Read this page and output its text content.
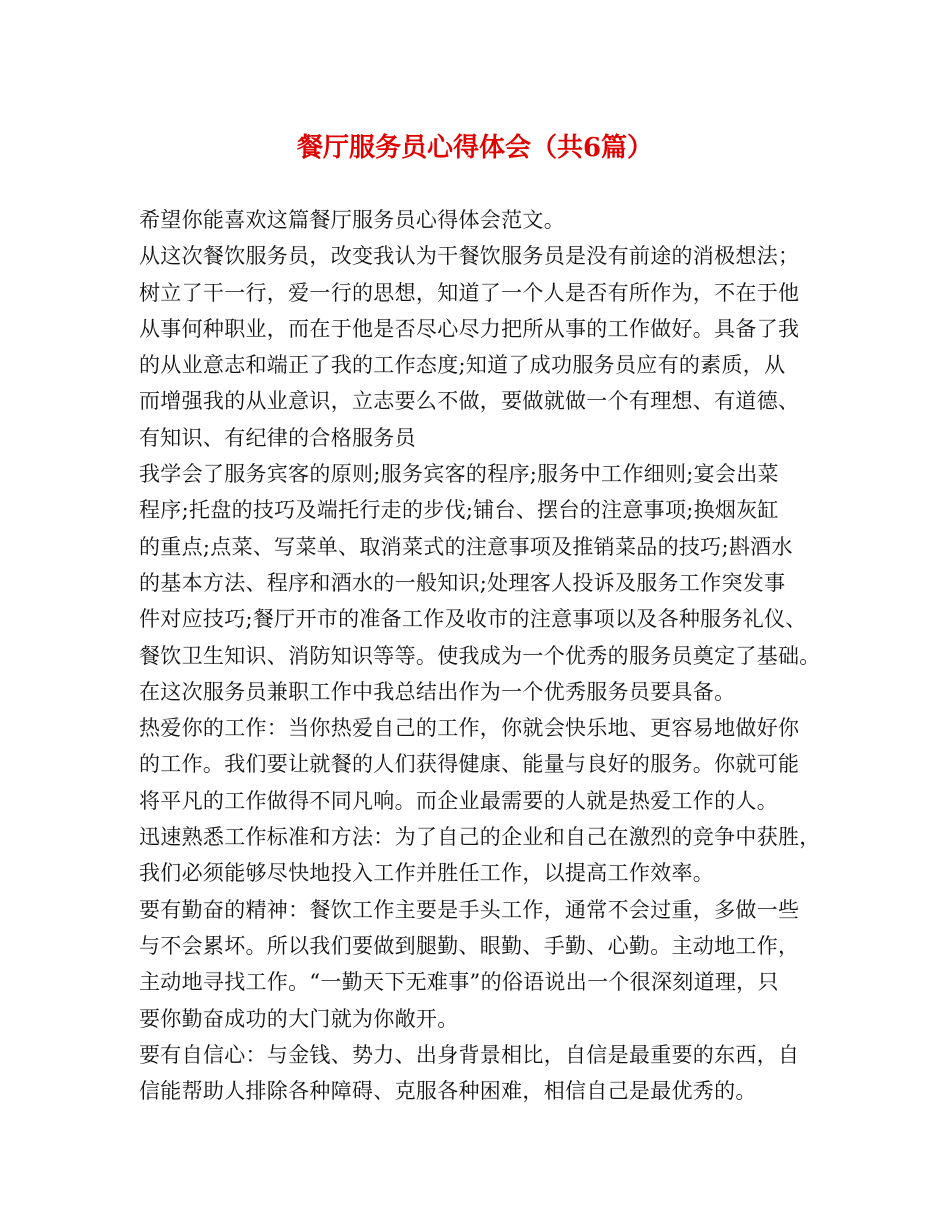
餐厅服务员心得体会（共6篇）

希望你能喜欢这篇餐厅服务员心得体会范文。

从这次餐饮服务员，改变我认为干餐饮服务员是没有前途的消极想法；

树立了干一行，爱一行的思想，知道了一个人是否有所作为，不在于他

从事何种职业，而在于他是否尽心尽力把所从事的工作做好。具备了我

的从业意志和端正了我的工作态度;知道了成功服务员应有的素质，从

而增强我的从业意识，立志要么不做，要做就做一个有理想、有道德、

有知识、有纪律的合格服务员

我学会了服务宾客的原则;服务宾客的程序;服务中工作细则;宴会出菜

程序;托盘的技巧及端托行走的步伐;铺台、摆台的注意事项;换烟灰缸

的重点;点菜、写菜单、取消菜式的注意事项及推销菜品的技巧;斟酒水

的基本方法、程序和酒水的一般知识;处理客人投诉及服务工作突发事

件对应技巧;餐厅开市的准备工作及收市的注意事项以及各种服务礼仪、

餐饮卫生知识、消防知识等等。使我成为一个优秀的服务员奠定了基础。

在这次服务员兼职工作中我总结出作为一个优秀服务员要具备。

热爱你的工作：当你热爱自己的工作，你就会快乐地、更容易地做好你

的工作。我们要让就餐的人们获得健康、能量与良好的服务。你就可能

将平凡的工作做得不同凡响。而企业最需要的人就是热爱工作的人。

迅速熟悉工作标准和方法：为了自己的企业和自己在激烈的竞争中获胜，

我们必须能够尽快地投入工作并胜任工作，以提高工作效率。

要有勤奋的精神：餐饮工作主要是手头工作，通常不会过重，多做一些

与不会累坏。所以我们要做到腿勤、眼勤、手勤、心勤。主动地工作，

主动地寻找工作。“一勤天下无难事”的俗语说出一个很深刻道理，只

要你勤奋成功的大门就为你敞开。

要有自信心：与金钱、势力、出身背景相比，自信是最重要的东西，自

信能帮助人排除各种障碍、克服各种困难，相信自己是最优秀的。
